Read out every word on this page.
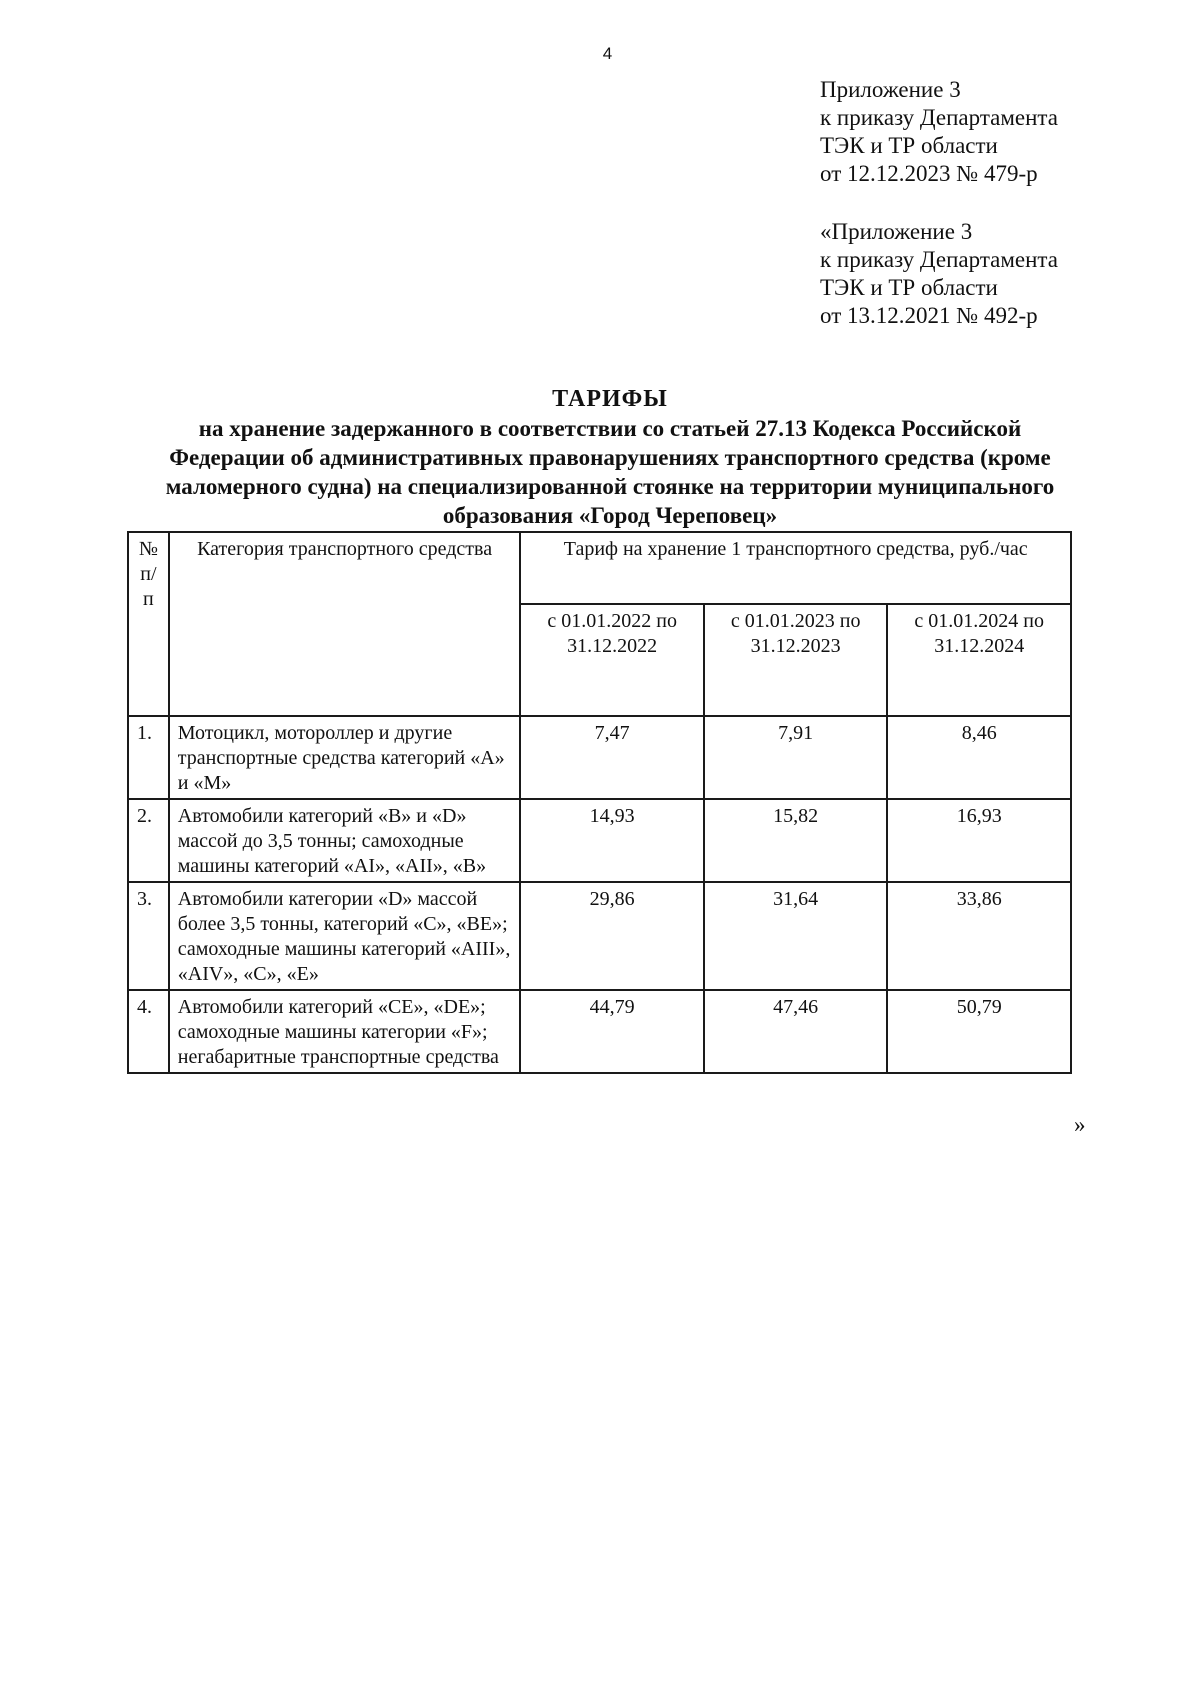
4
Приложение 3
к приказу Департамента
ТЭК и ТР области
от 12.12.2023 № 479-р
«Приложение 3
к приказу Департамента
ТЭК и ТР области
от 13.12.2021 № 492-р
ТАРИФЫ
на хранение задержанного в соответствии со статьей 27.13 Кодекса Российской
Федерации об административных правонарушениях транспортного средства (кроме
маломерного судна) на специализированной стоянке на территории муниципального
образования «Город Череповец»
№ п/п	Категория транспортного средства	Тариф на хранение 1 транспортного средства, руб./час		
		с 01.01.2022 по 31.12.2022	с 01.01.2023 по 31.12.2023	с 01.01.2024 по 31.12.2024
1.	Мотоцикл, мотороллер и другие транспортные средства категорий «А» и «М»	7,47	7,91	8,46
2.	Автомобили категорий «В» и «D» массой до 3,5 тонны; самоходные машины категорий «AI», «AII», «В»	14,93	15,82	16,93
3.	Автомобили категории «D» массой более 3,5 тонны, категорий «С», «ВЕ»; самоходные машины категорий «AIII», «AIV», «С», «Е»	29,86	31,64	33,86
4.	Автомобили категорий «СЕ», «DE»; самоходные машины категории «F»; негабаритные транспортные средства	44,79	47,46	50,79
»
